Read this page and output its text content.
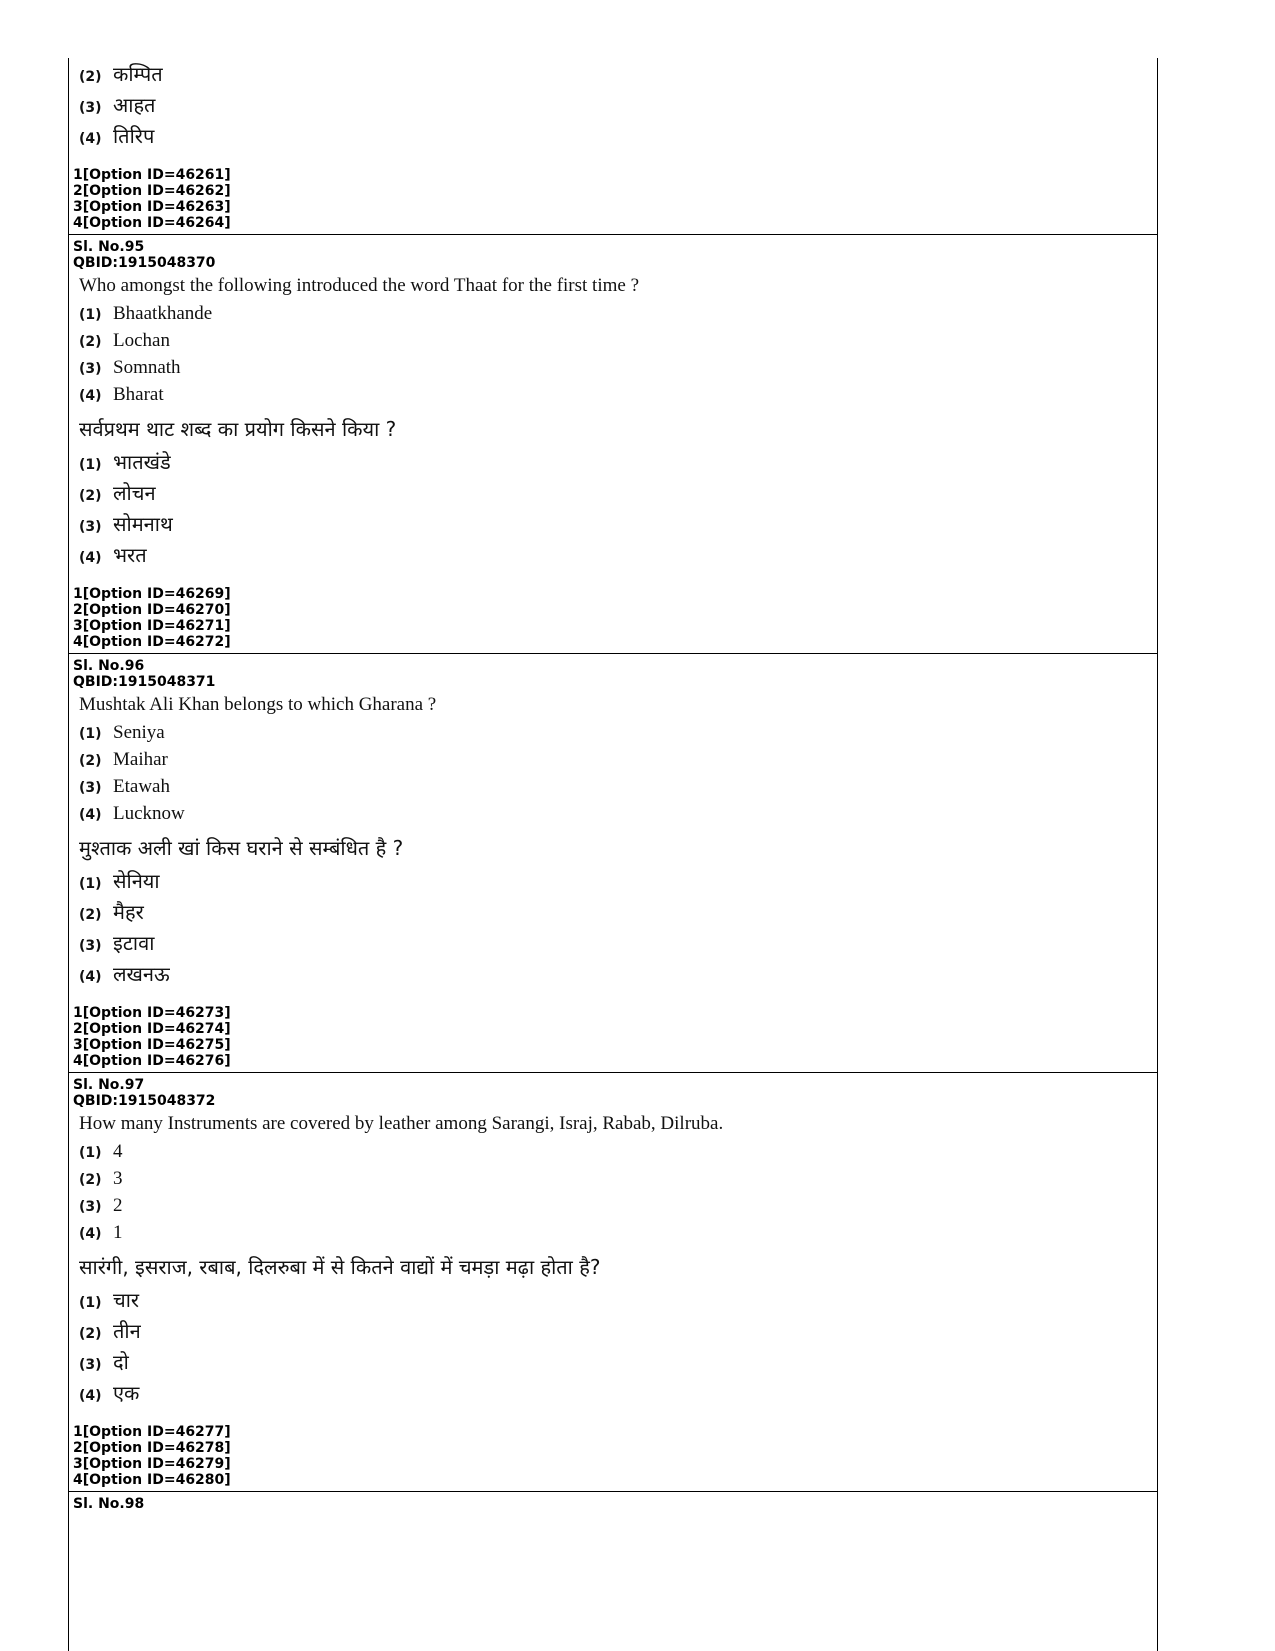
(2) कम्पित
(3) आहत
(4) तिरिप
1[Option ID=46261]
2[Option ID=46262]
3[Option ID=46263]
4[Option ID=46264]
Sl. No.95
QBID:1915048370
Who amongst the following introduced the word Thaat for the first time ?
(1) Bhaatkhande
(2) Lochan
(3) Somnath
(4) Bharat
सर्वप्रथम थाट शब्द का प्रयोग किसने किया ?
(1) भातखंडे
(2) लोचन
(3) सोमनाथ
(4) भरत
1[Option ID=46269]
2[Option ID=46270]
3[Option ID=46271]
4[Option ID=46272]
Sl. No.96
QBID:1915048371
Mushtak Ali Khan belongs to which Gharana ?
(1) Seniya
(2) Maihar
(3) Etawah
(4) Lucknow
मुश्ताक अली खां किस घराने से सम्बंधित है ?
(1) सेनिया
(2) मैहर
(3) इटावा
(4) लखनऊ
1[Option ID=46273]
2[Option ID=46274]
3[Option ID=46275]
4[Option ID=46276]
Sl. No.97
QBID:1915048372
How many Instruments are covered by leather among Sarangi, Israj, Rabab, Dilruba.
(1) 4
(2) 3
(3) 2
(4) 1
सारंगी, इसराज, रबाब, दिलरुबा में से कितने वाद्यों में चमड़ा मढ़ा होता है?
(1) चार
(2) तीन
(3) दो
(4) एक
1[Option ID=46277]
2[Option ID=46278]
3[Option ID=46279]
4[Option ID=46280]
Sl. No.98
